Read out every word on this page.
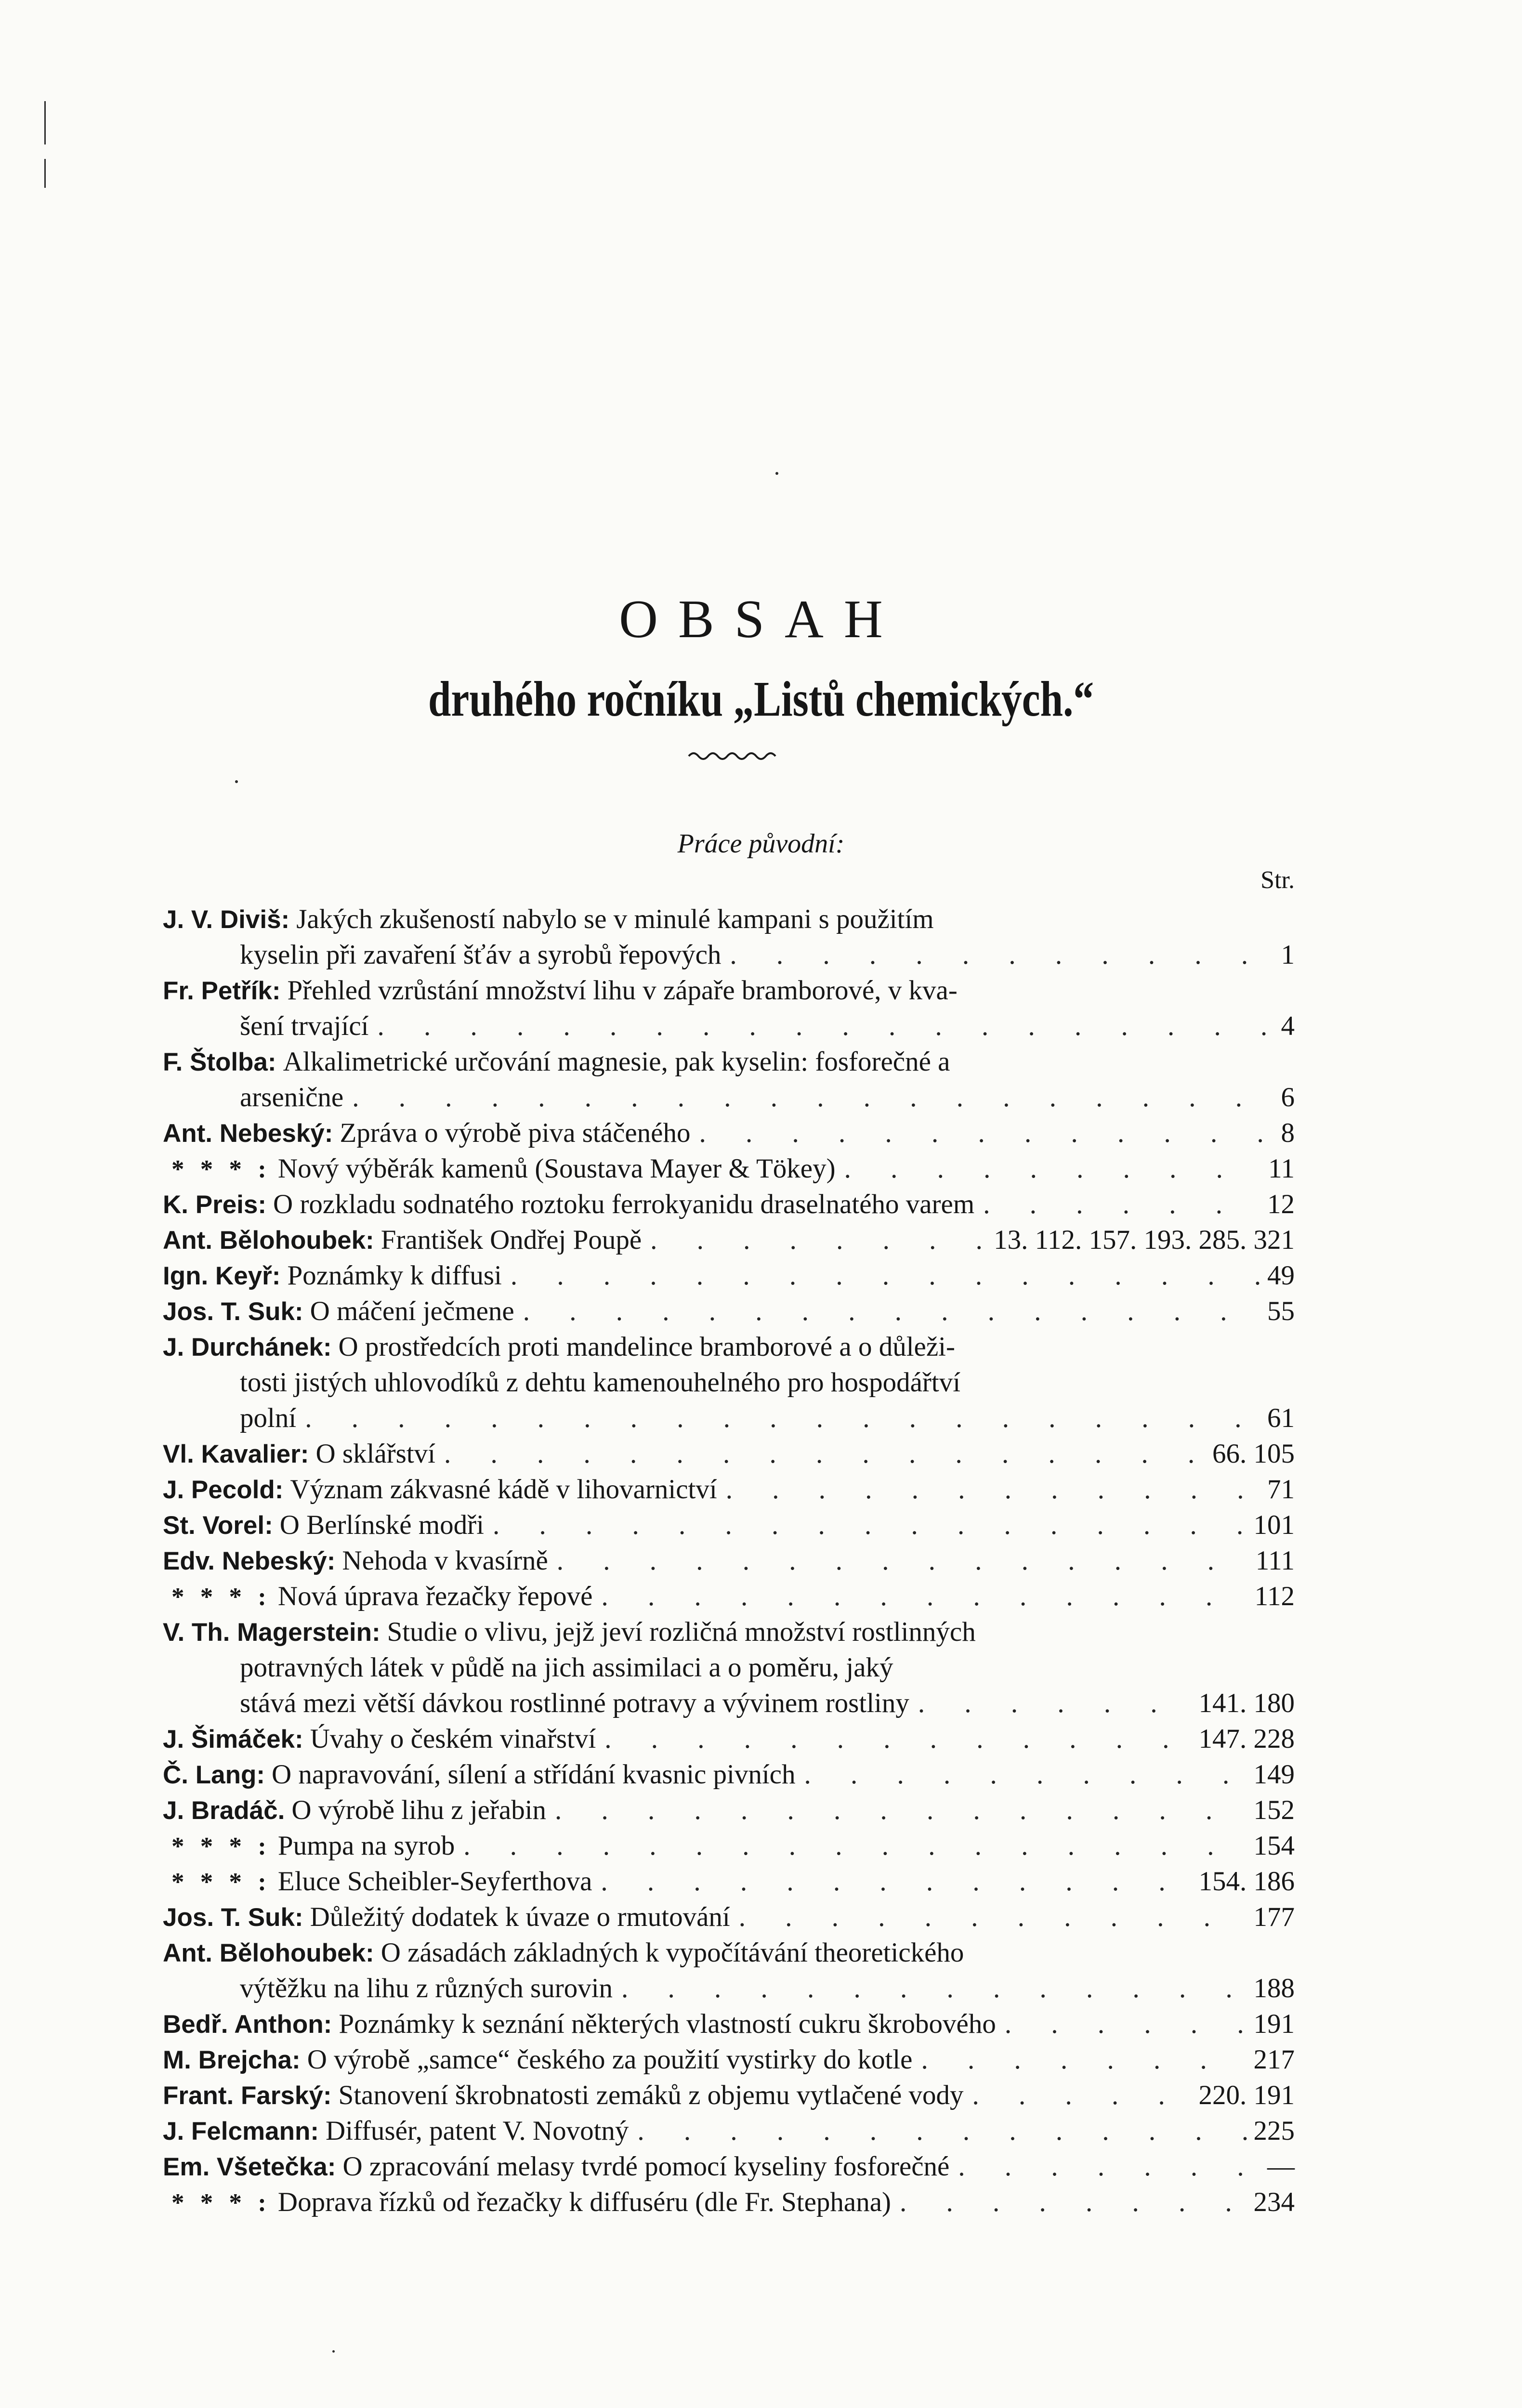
OBSAH
druhého ročníku „Listů chemických.“
Práce původní:
Str.
J. V. Diviš: Jakých zkušeností nabylo se v minulé kampani s použitím
kyselin při zavaření šťáv a syrobů řepových . . .	1
Fr. Petřík: Přehled vzrůstání množství lihu v zápaře bramborové, v kva-
šení trvající . . .	4
F. Štolba: Alkalimetrické určování magnesie, pak kyselin: fosforečné a
arsenične . . .	6
Ant. Nebeský: Zpráva o výrobě piva stáčeného . . .	8
* * * : Nový výběrák kamenů (Soustava Mayer & Tökey) . . .	11
K. Preis: O rozkladu sodnatého roztoku ferrokyanidu draselnatého varem . . .	12
Ant. Bělohoubek: František Ondřej Poupě . . .	13. 112. 157. 193. 285. 321
Ign. Keyř: Poznámky k diffusi . . .	49
Jos. T. Suk: O máčení ječmene . . .	55
J. Durchánek: O prostředcích proti mandelince bramborové a o důleži-
tosti jistých uhlovodíků z dehtu kamenouhelného pro hospodářtví
polní . . .	61
Vl. Kavalier: O sklářství . . .	66. 105
J. Pecold: Význam zákvasné kádě v lihovarnictví . . .	71
St. Vorel: O Berlínské modři . . .	101
Edv. Nebeský: Nehoda v kvasírně . . .	111
* * * : Nová úprava řezačky řepové . . .	112
V. Th. Magerstein: Studie o vlivu, jejž jeví rozličná množství rostlinných
potravných látek v půdě na jich assimilaci a o poměru, jaký
stává mezi větší dávkou rostlinné potravy a vývinem rostliny . . .	141. 180
J. Šimáček: Úvahy o českém vinařství . . .	147. 228
Č. Lang: O napravování, sílení a střídání kvasnic pivních . . .	149
J. Bradáč. O výrobě lihu z jeřabin . . .	152
* * * : Pumpa na syrob . . .	154
* * * : Eluce Scheibler-Seyferthova . . .	154. 186
Jos. T. Suk: Důležitý dodatek k úvaze o rmutování . . .	177
Ant. Bělohoubek: O zásadách základných k vypočítávání theoretického
výtěžku na lihu z různých surovin . . .	188
Bedř. Anthon: Poznámky k seznání některých vlastností cukru škrobového . . .	191
M. Brejcha: O výrobě „samce“ českého za použití vystirky do kotle . . .	217
Frant. Farský: Stanovení škrobnatosti zemáků z objemu vytlačené vody . . .	220. 191
J. Felcmann: Diffusér, patent V. Novotný . . .	225
Em. Všetečka: O zpracování melasy tvrdé pomocí kyseliny fosforečné . . .	—
* * * : Doprava řízků od řezačky k diffuséru (dle Fr. Stephana) . . .	234
